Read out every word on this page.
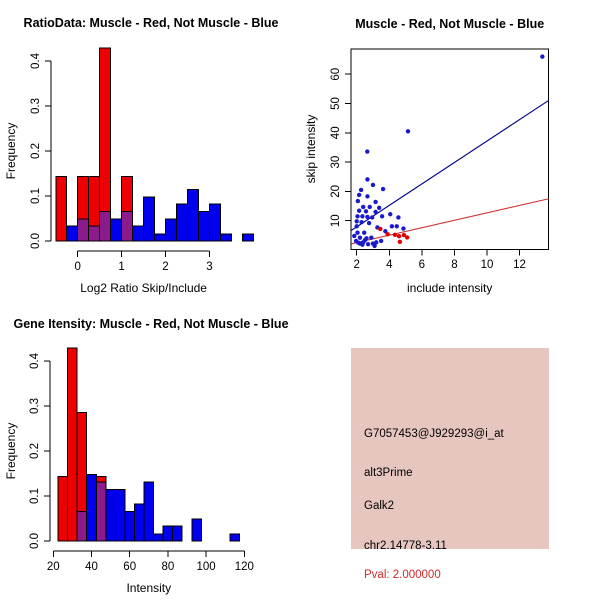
RatioData: Muscle - Red, Not Muscle - Blue
Log2 Ratio Skip/Include
Frequency
0	1	2	3
0.0
0.1
0.2
0.3
0.4
Muscle - Red, Not Muscle - Blue
include intensity
skip intensity
2 4 6 8 10 12
10
20
30
40
50
60
Gene Itensity: Muscle - Red, Not Muscle - Blue
Intensity
Frequency
20 40 60 80 100 120
0.0
0.1
0.2
0.3
0.4
G7057453@J929293@i_at
alt3Prime
Galk2
chr2.14778-3.11
Pval: 2.000000
